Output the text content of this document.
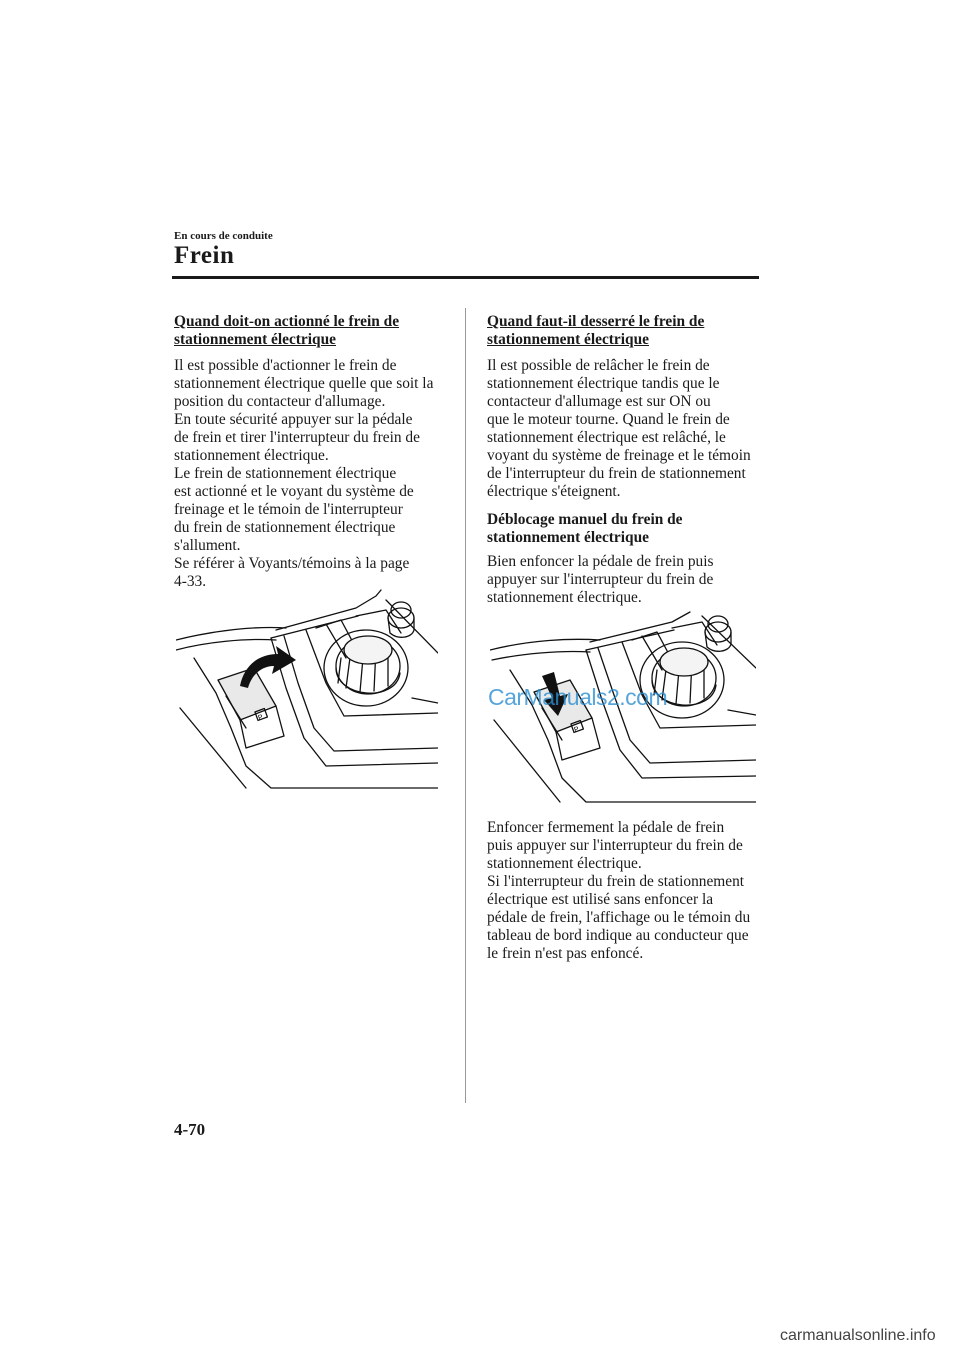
En cours de conduite
Frein
Quand doit-on actionné le frein de
stationnement électrique

Il est possible d'actionner le frein de
stationnement électrique quelle que soit la
position du contacteur d'allumage.
En toute sécurité appuyer sur la pédale
de frein et tirer l'interrupteur du frein de
stationnement électrique.
Le frein de stationnement électrique
est actionné et le voyant du système de
freinage et le témoin de l'interrupteur
du frein de stationnement électrique
s'allument.
Se référer à Voyants/témoins à la page
4-33.

P
Quand faut-il desserré le frein de
stationnement électrique

Il est possible de relâcher le frein de
stationnement électrique tandis que le
contacteur d'allumage est sur ON ou
que le moteur tourne. Quand le frein de
stationnement électrique est relâché, le
voyant du système de freinage et le témoin
de l'interrupteur du frein de stationnement
électrique s'éteignent.

Déblocage manuel du frein de
stationnement électrique

Bien enfoncer la pédale de frein puis
appuyer sur l'interrupteur du frein de
stationnement électrique.

Enfoncer fermement la pédale de frein
puis appuyer sur l'interrupteur du frein de
stationnement électrique.
Si l'interrupteur du frein de stationnement
électrique est utilisé sans enfoncer la
pédale de frein, l'affichage ou le témoin du
tableau de bord indique au conducteur que
le frein n'est pas enfoncé.

P
CarManuals2.com
4-70
carmanualsonline.info
